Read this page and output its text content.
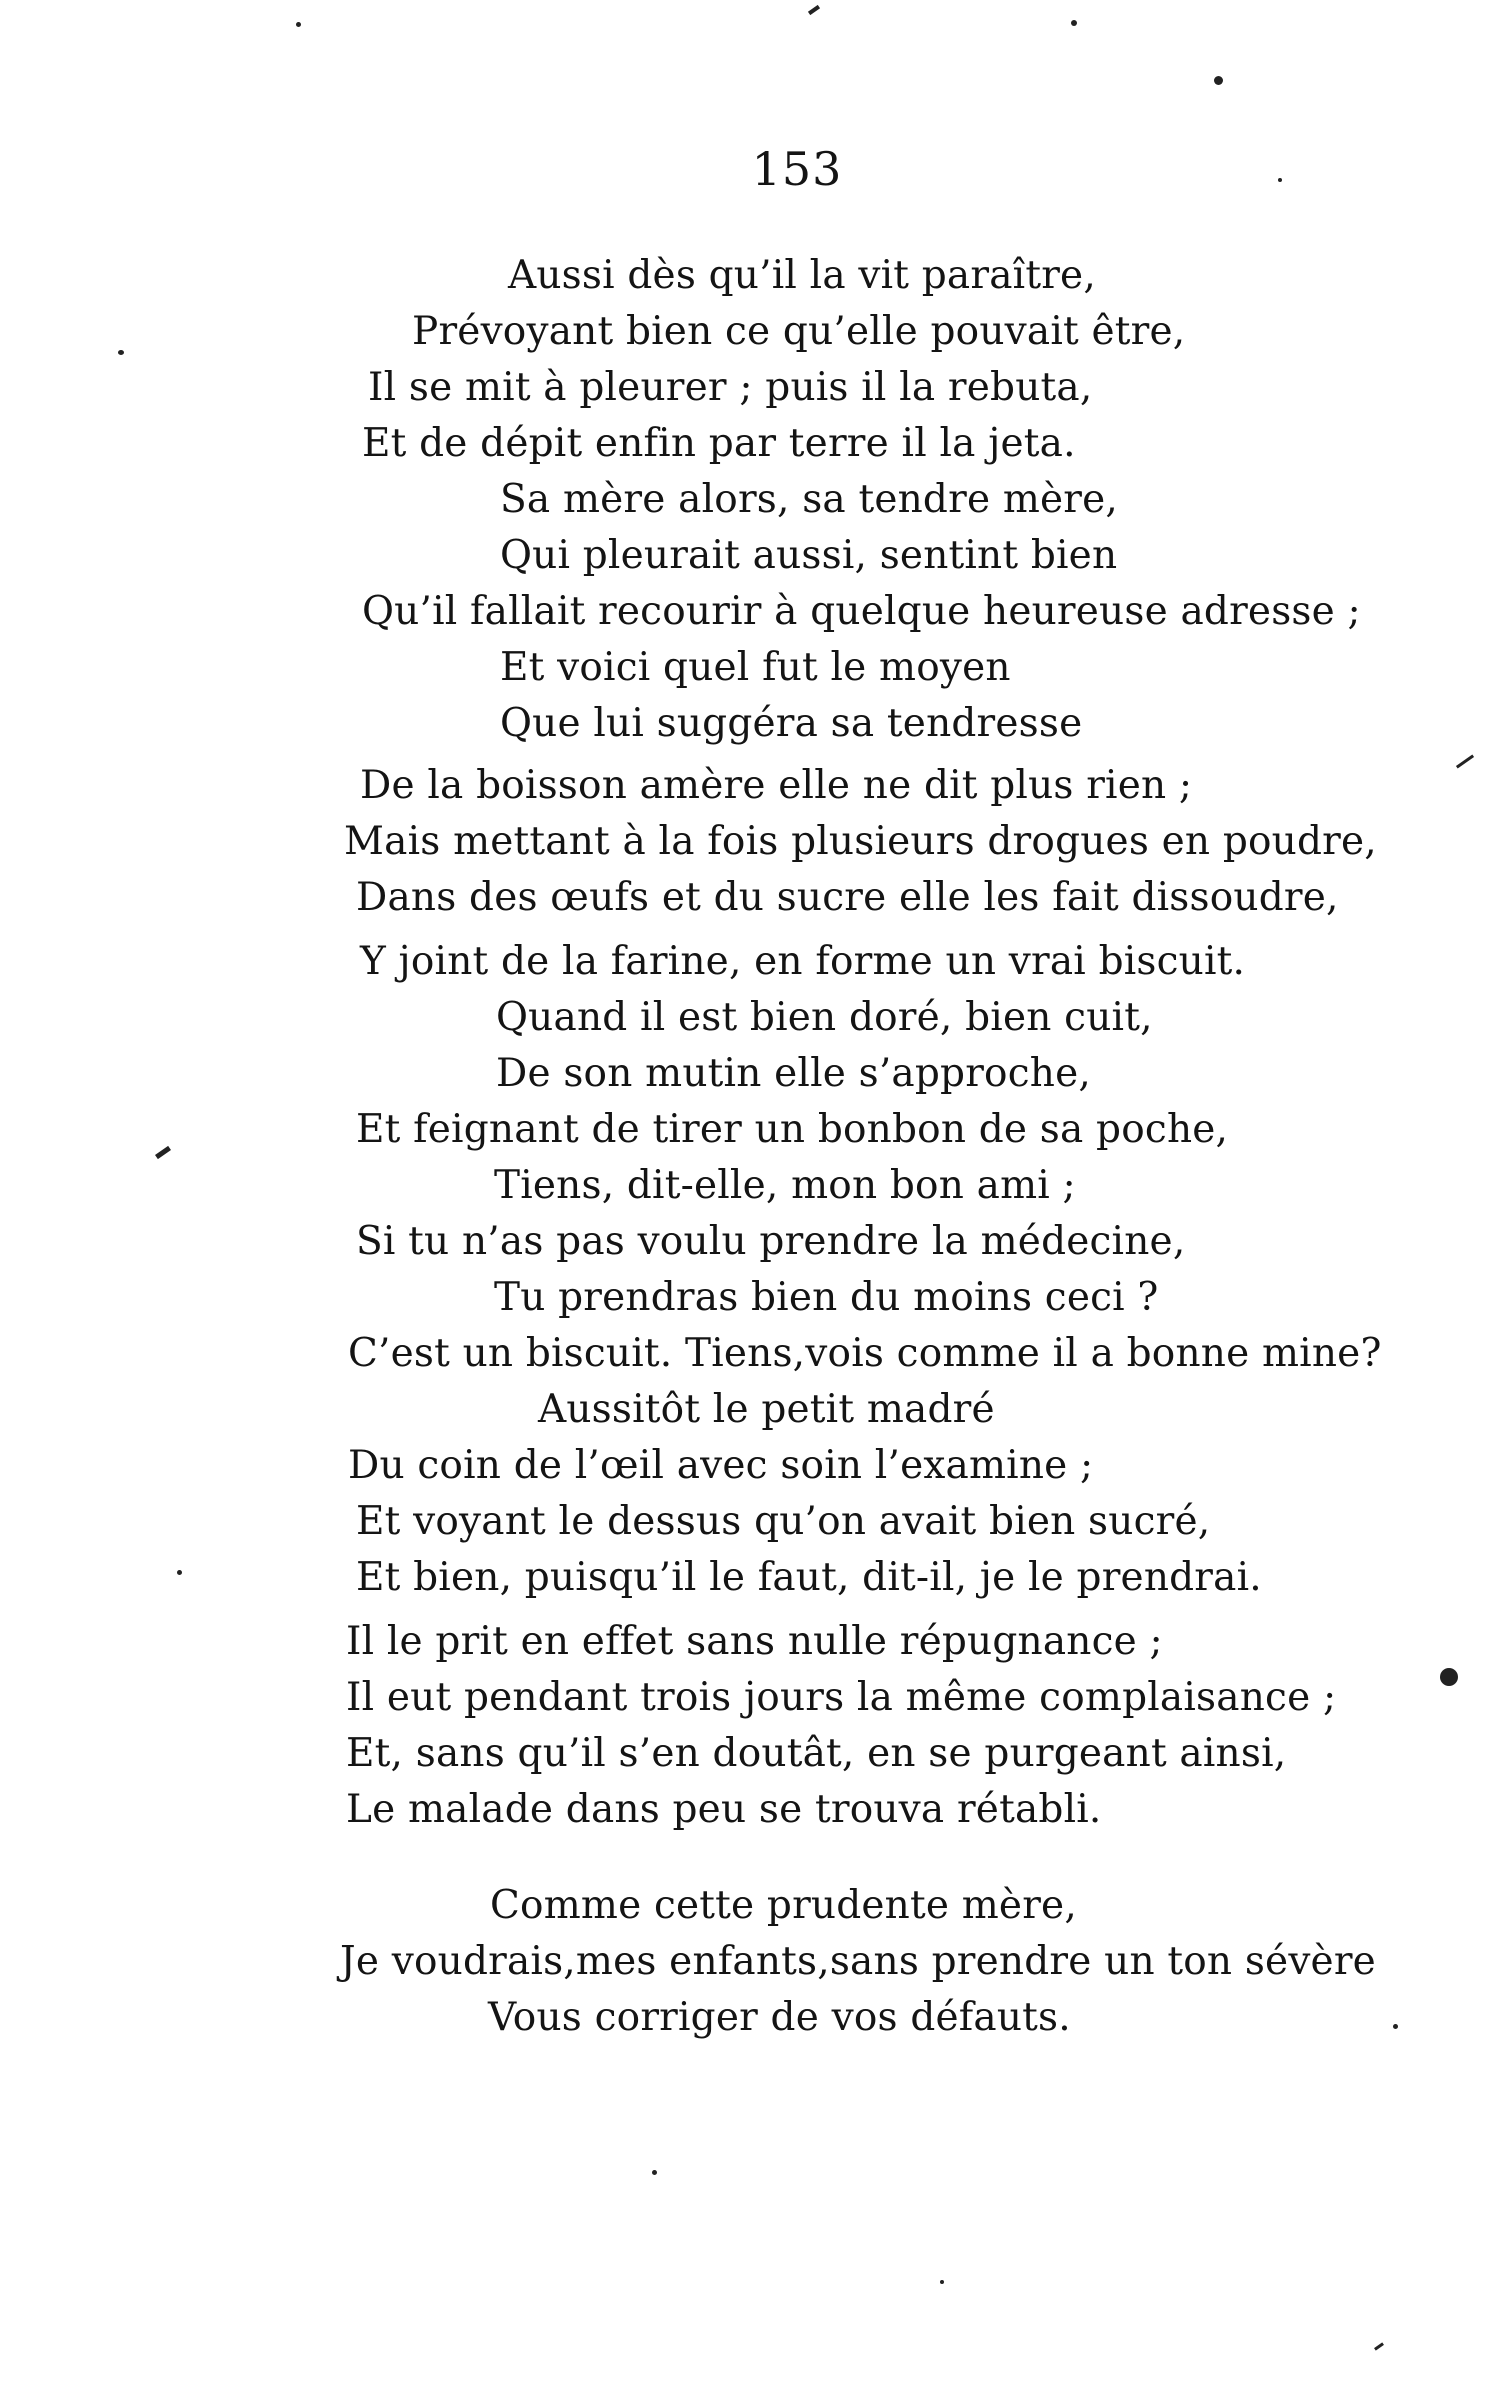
153
Aussi dès qu’il la vit paraître,
Prévoyant bien ce qu’elle pouvait être,
Il se mit à pleurer ; puis il la rebuta,
Et de dépit enfin par terre il la jeta.
Sa mère alors, sa tendre mère,
Qui pleurait aussi, sentint bien
Qu’il fallait recourir à quelque heureuse adresse ;
Et voici quel fut le moyen
Que lui suggéra sa tendresse
De la boisson amère elle ne dit plus rien ;
Mais mettant à la fois plusieurs drogues en poudre,
Dans des œufs et du sucre elle les fait dissoudre,
Y joint de la farine, en forme un vrai biscuit.
Quand il est bien doré, bien cuit,
De son mutin elle s’approche,
Et feignant de tirer un bonbon de sa poche,
Tiens, dit-elle, mon bon ami ;
Si tu n’as pas voulu prendre la médecine,
Tu prendras bien du moins ceci ?
C’est un biscuit. Tiens,vois comme il a bonne mine?
Aussitôt le petit madré
Du coin de l’œil avec soin l’examine ;
Et voyant le dessus qu’on avait bien sucré,
Et bien, puisqu’il le faut, dit-il, je le prendrai.
Il le prit en effet sans nulle répugnance ;
Il eut pendant trois jours la même complaisance ;
Et, sans qu’il s’en doutât, en se purgeant ainsi,
Le malade dans peu se trouva rétabli.
Comme cette prudente mère,
Je voudrais,mes enfants,sans prendre un ton sévère
Vous corriger de vos défauts.
